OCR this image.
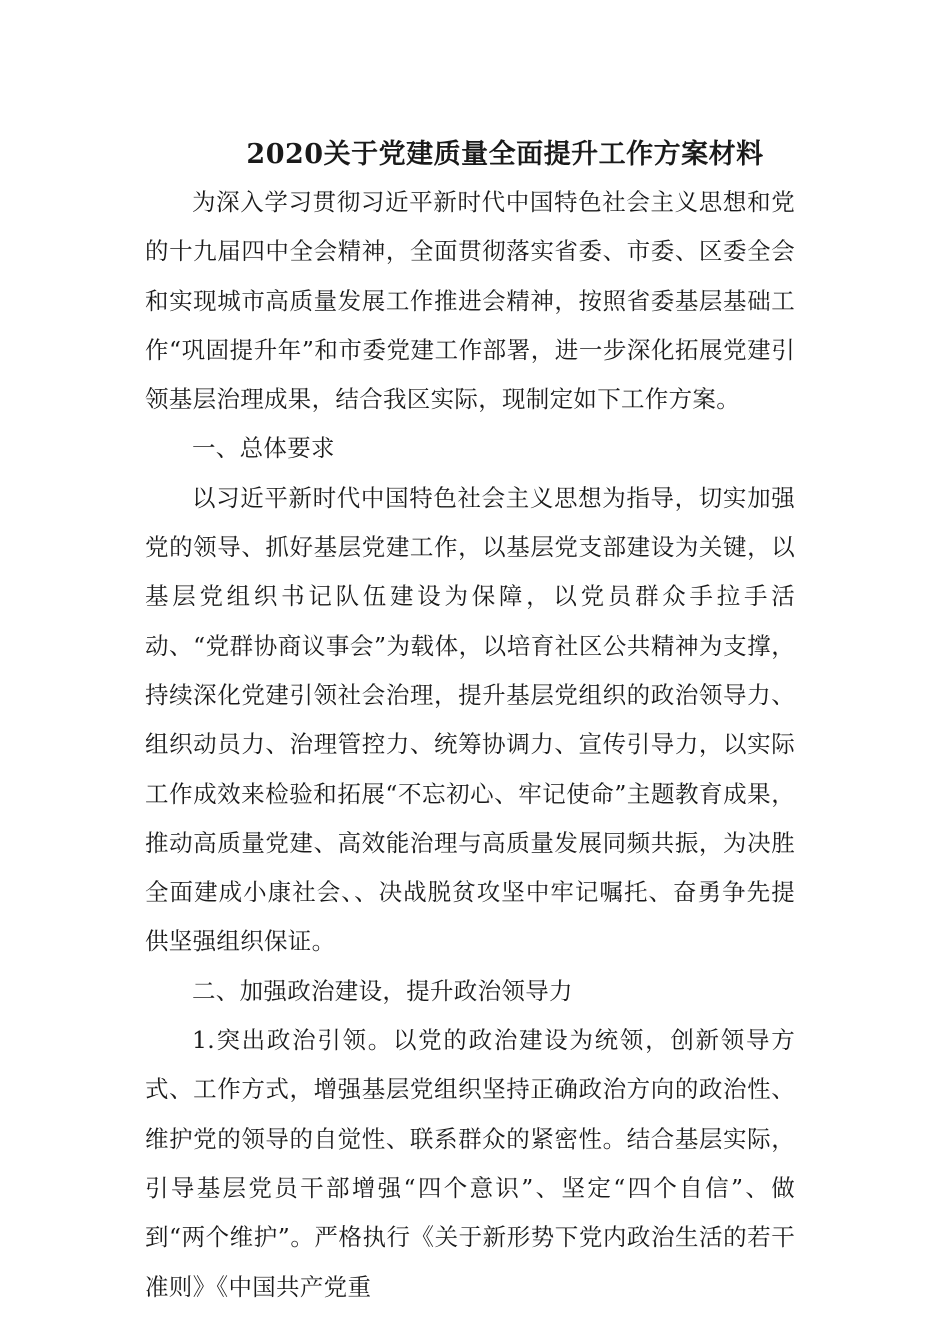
2020关于党建质量全面提升工作方案材料

为深入学习贯彻习近平新时代中国特色社会主义思想和党的十九届四中全会精神，全面贯彻落实省委、市委、区委全会和实现城市高质量发展工作推进会精神，按照省委基层基础工作“巩固提升年”和市委党建工作部署，进一步深化拓展党建引领基层治理成果，结合我区实际，现制定如下工作方案。

一、总体要求

以习近平新时代中国特色社会主义思想为指导，切实加强党的领导、抓好基层党建工作，以基层党支部建设为关键，以基层党组织书记队伍建设为保障，以党员群众手拉手活动、“党群协商议事会”为载体，以培育社区公共精神为支撑，持续深化党建引领社会治理，提升基层党组织的政治领导力、组织动员力、治理管控力、统筹协调力、宣传引导力，以实际工作成效来检验和拓展“不忘初心、牢记使命”主题教育成果，推动高质量党建、高效能治理与高质量发展同频共振，为决胜全面建成小康社会、、决战脱贫攻坚中牢记嘱托、奋勇争先提供坚强组织保证。

二、加强政治建设，提升政治领导力

1.突出政治引领。以党的政治建设为统领，创新领导方式、工作方式，增强基层党组织坚持正确政治方向的政治性、维护党的领导的自觉性、联系群众的紧密性。结合基层实际，引导基层党员干部增强“四个意识”、坚定“四个自信”、做到“两个维护”。严格执行《关于新形势下党内政治生活的若干准则》《中国共产党重
